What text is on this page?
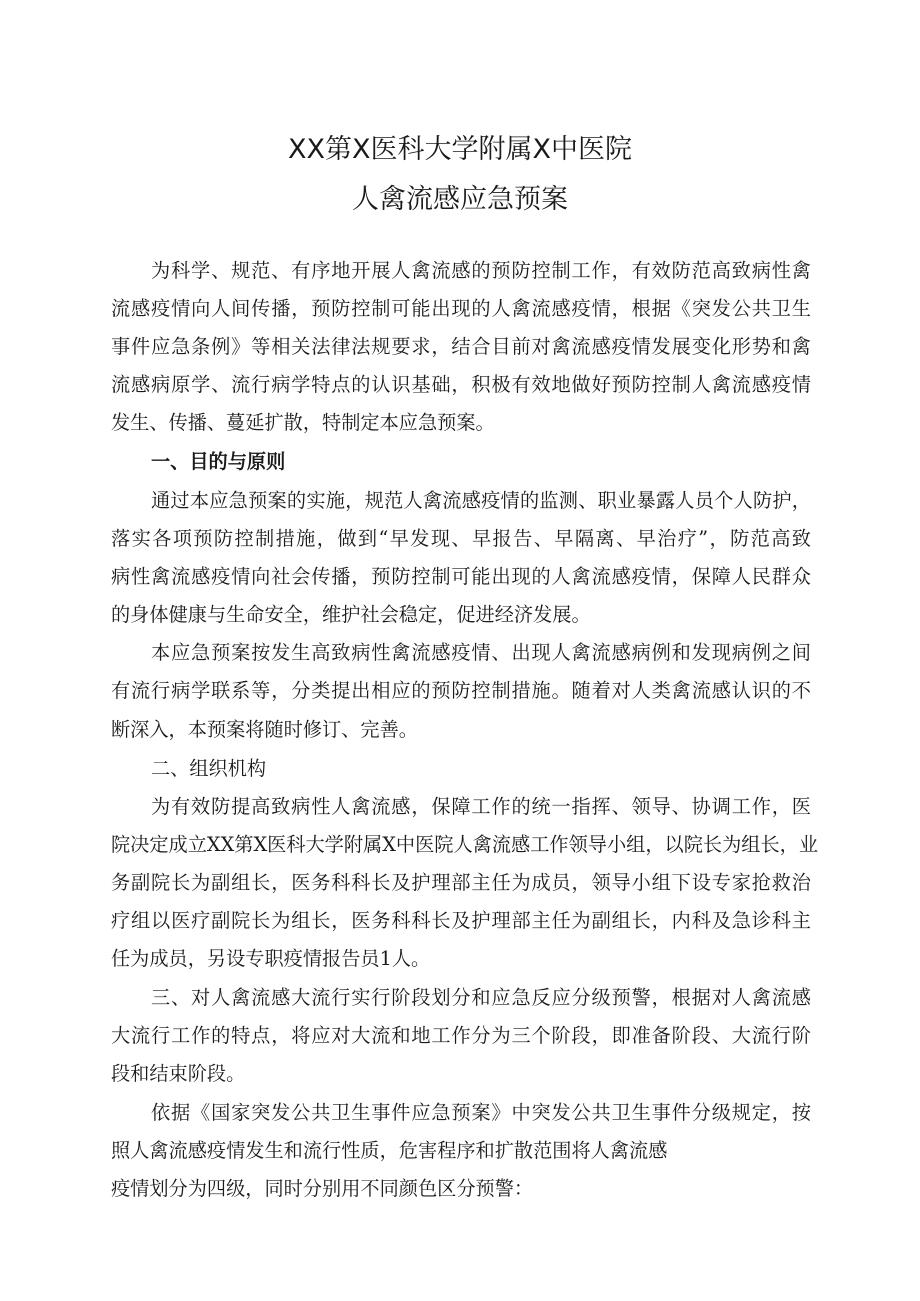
XX第X医科大学附属X中医院
人禽流感应急预案
为科学、规范、有序地开展人禽流感的预防控制工作，有效防范高致病性禽
流感疫情向人间传播，预防控制可能出现的人禽流感疫情，根据《突发公共卫生
事件应急条例》等相关法律法规要求，结合目前对禽流感疫情发展变化形势和禽
流感病原学、流行病学特点的认识基础，积极有效地做好预防控制人禽流感疫情
发生、传播、蔓延扩散，特制定本应急预案。
一、目的与原则
通过本应急预案的实施，规范人禽流感疫情的监测、职业暴露人员个人防护，
落实各项预防控制措施，做到“早发现、早报告、早隔离、早治疗”，防范高致
病性禽流感疫情向社会传播，预防控制可能出现的人禽流感疫情，保障人民群众
的身体健康与生命安全，维护社会稳定，促进经济发展。
本应急预案按发生高致病性禽流感疫情、出现人禽流感病例和发现病例之间
有流行病学联系等，分类提出相应的预防控制措施。随着对人类禽流感认识的不
断深入，本预案将随时修订、完善。
二、组织机构
为有效防提高致病性人禽流感，保障工作的统一指挥、领导、协调工作，医
院决定成立XX第X医科大学附属X中医院人禽流感工作领导小组，以院长为组长，业
务副院长为副组长，医务科科长及护理部主任为成员，领导小组下设专家抢救治
疗组以医疗副院长为组长，医务科科长及护理部主任为副组长，内科及急诊科主
任为成员，另设专职疫情报告员1人。
三、对人禽流感大流行实行阶段划分和应急反应分级预警，根据对人禽流感
大流行工作的特点，将应对大流和地工作分为三个阶段，即准备阶段、大流行阶
段和结束阶段。
依据《国家突发公共卫生事件应急预案》中突发公共卫生事件分级规定，按
照人禽流感疫情发生和流行性质，危害程序和扩散范围将人禽流感
疫情划分为四级，同时分别用不同颜色区分预警：
